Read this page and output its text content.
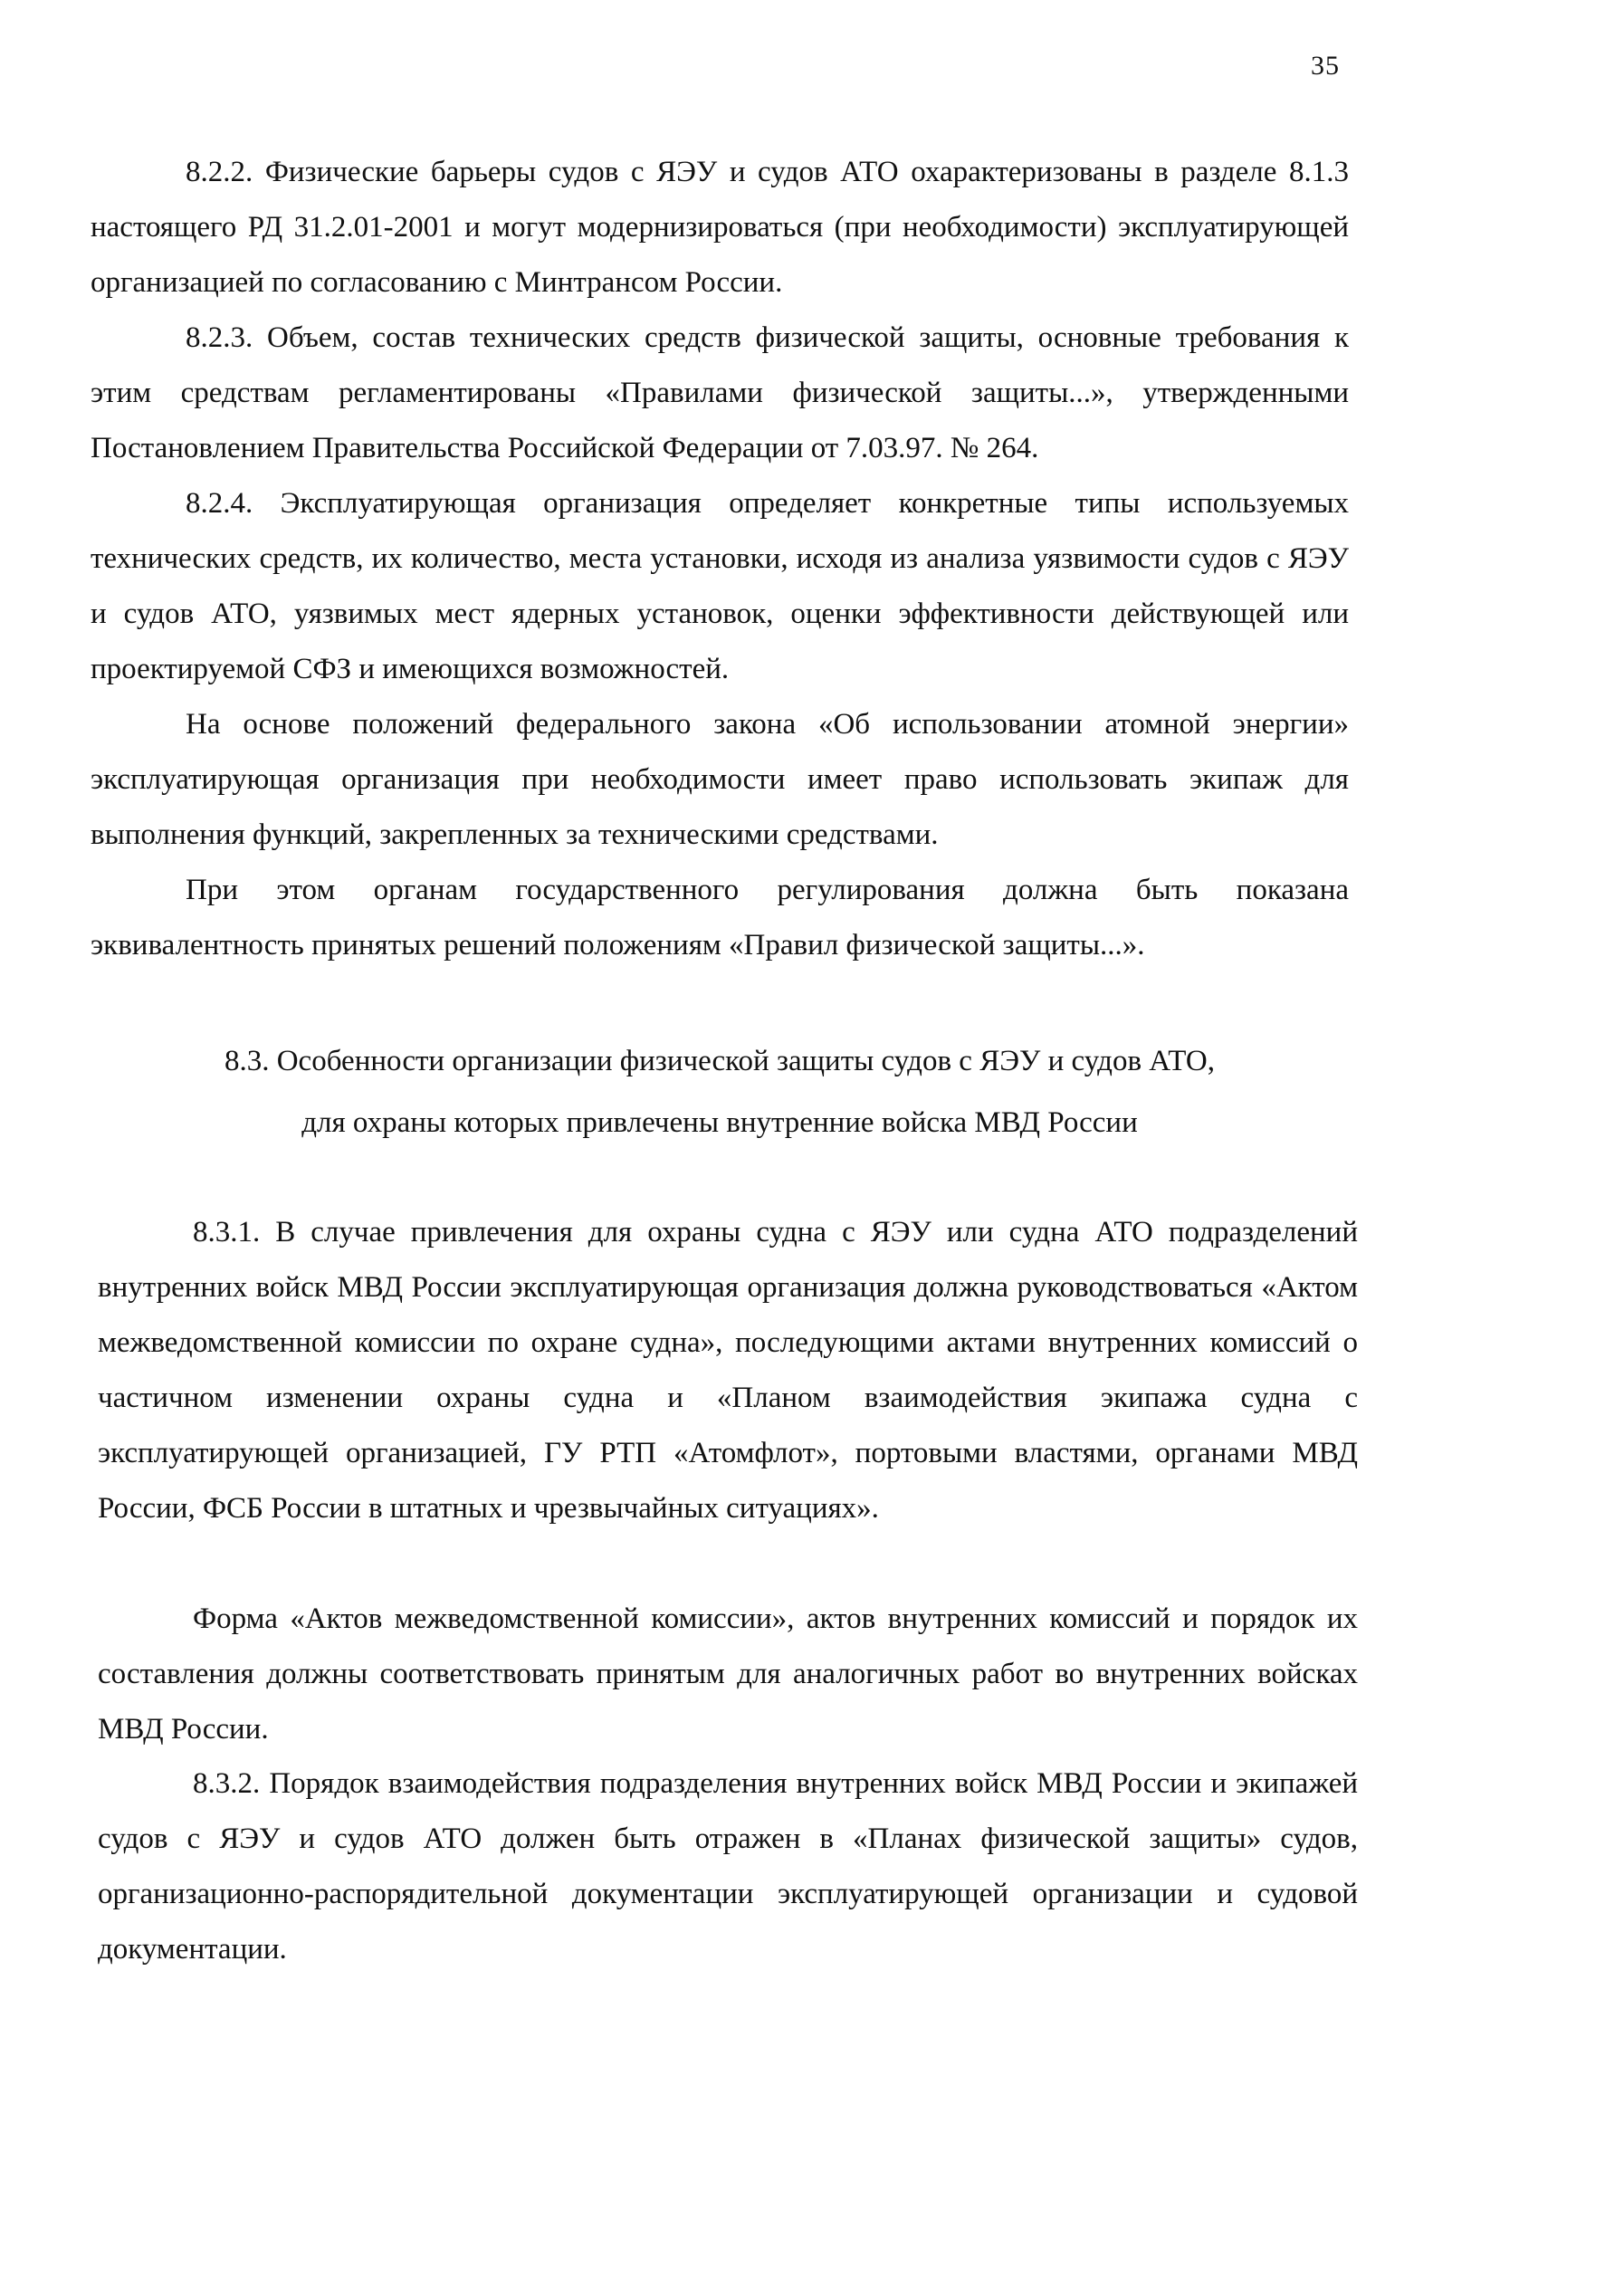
35

8.2.2. Физические барьеры судов с ЯЭУ и судов АТО охарактеризованы в разделе 8.1.3 настоящего РД 31.2.01-2001 и могут модернизироваться (при необходимости) эксплуатирующей организацией по согласованию с Минтрансом России.

8.2.3. Объем, состав технических средств физической защиты, основные требования к этим средствам регламентированы «Правилами физической защиты...», утвержденными Постановлением Правительства Российской Федерации от 7.03.97. № 264.

8.2.4. Эксплуатирующая организация определяет конкретные типы используемых технических средств, их количество, места установки, исходя из анализа уязвимости судов с ЯЭУ и судов АТО, уязвимых мест ядерных установок, оценки эффективности действующей или проектируемой СФЗ и имеющихся возможностей.

На основе положений федерального закона «Об использовании атомной энергии» эксплуатирующая организация при необходимости имеет право использовать экипаж для выполнения функций, закрепленных за техническими средствами.

При этом органам государственного регулирования должна быть показана эквивалентность принятых решений положениям «Правил физической защиты...».

8.3. Особенности организации физической защиты судов с ЯЭУ и судов АТО,
для охраны которых привлечены внутренние войска МВД России

8.3.1. В случае привлечения для охраны судна с ЯЭУ или судна АТО подразделений внутренних войск МВД России эксплуатирующая организация должна руководствоваться «Актом межведомственной комиссии по охране судна», последующими актами внутренних комиссий о частичном изменении охраны судна и «Планом взаимодействия экипажа судна с эксплуатирующей организацией, ГУ РТП «Атомфлот», портовыми властями, органами МВД России, ФСБ России в штатных и чрезвычайных ситуациях».

Форма «Актов межведомственной комиссии», актов внутренних комиссий и порядок их составления должны соответствовать принятым для аналогичных работ во внутренних войсках МВД России.

8.3.2. Порядок взаимодействия подразделения внутренних войск МВД России и экипажей судов с ЯЭУ и судов АТО должен быть отражен в «Планах физической защиты» судов, организационно-распорядительной документации эксплуатирующей организации и судовой документации.
